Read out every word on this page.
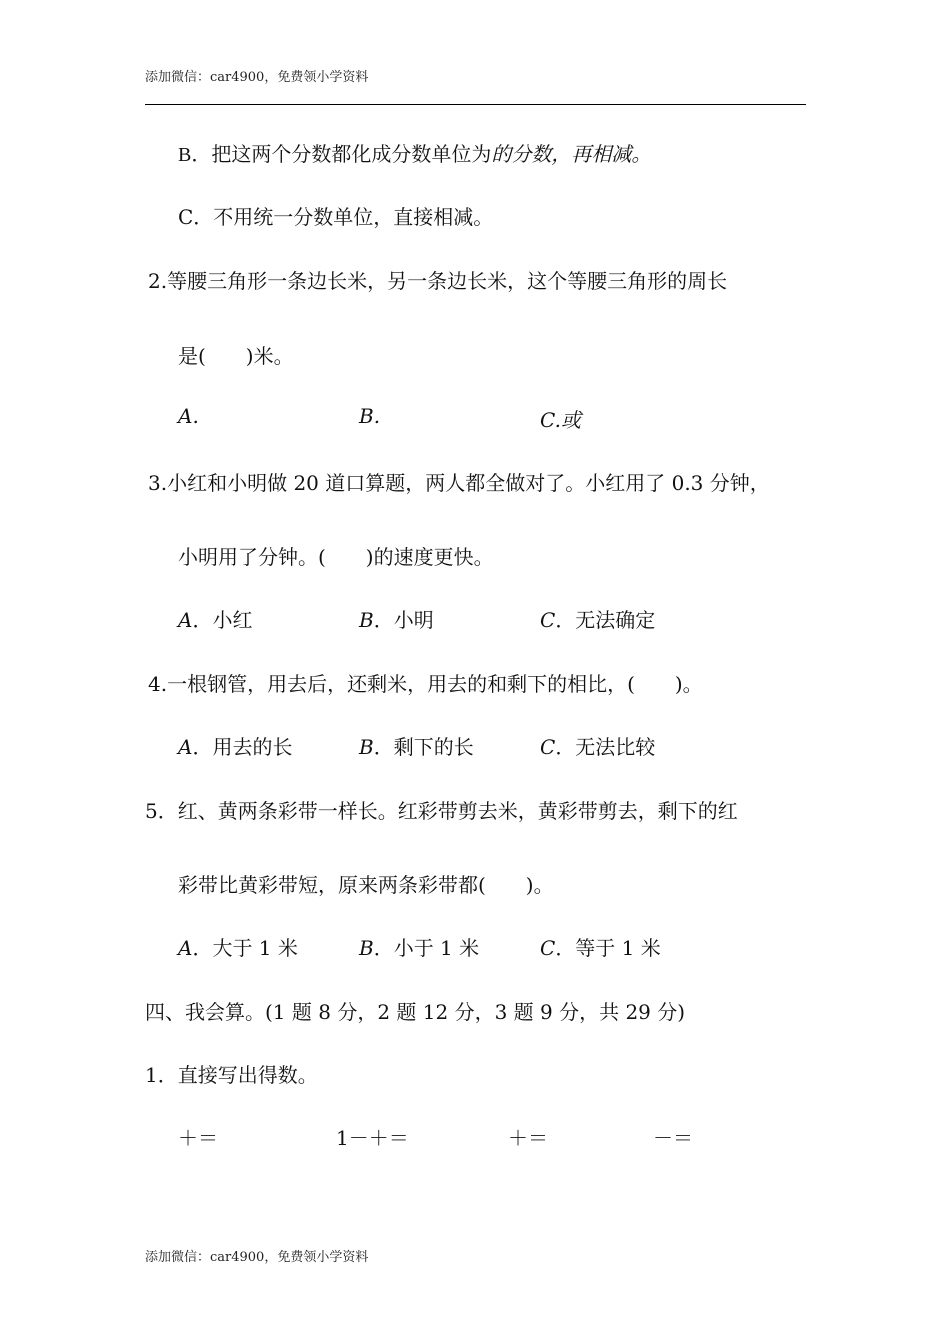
添加微信：car4900，免费领小学资料
B．把这两个分数都化成分数单位为的分数，再相减。
C．不用统一分数单位，直接相减。
2.等腰三角形一条边长米，另一条边长米，这个等腰三角形的周长
是(　　)米。
A.	B.	C.或
3.小红和小明做 20 道口算题，两人都全做对了。小红用了 0.3 分钟，
小明用了分钟。(　　)的速度更快。
A．小红	B．小明	C．无法确定
4.一根钢管，用去后，还剩米，用去的和剩下的相比，(　　)。
A．用去的长	B．剩下的长	C．无法比较
5．红、黄两条彩带一样长。红彩带剪去米，黄彩带剪去，剩下的红
彩带比黄彩带短，原来两条彩带都(　　)。
A．大于 1 米	B．小于 1 米	C．等于 1 米
四、我会算。(1 题 8 分，2 题 12 分，3 题 9 分，共 29 分)
1．直接写出得数。
＋＝	1－＋＝	＋＝	－＝
添加微信：car4900，免费领小学资料
